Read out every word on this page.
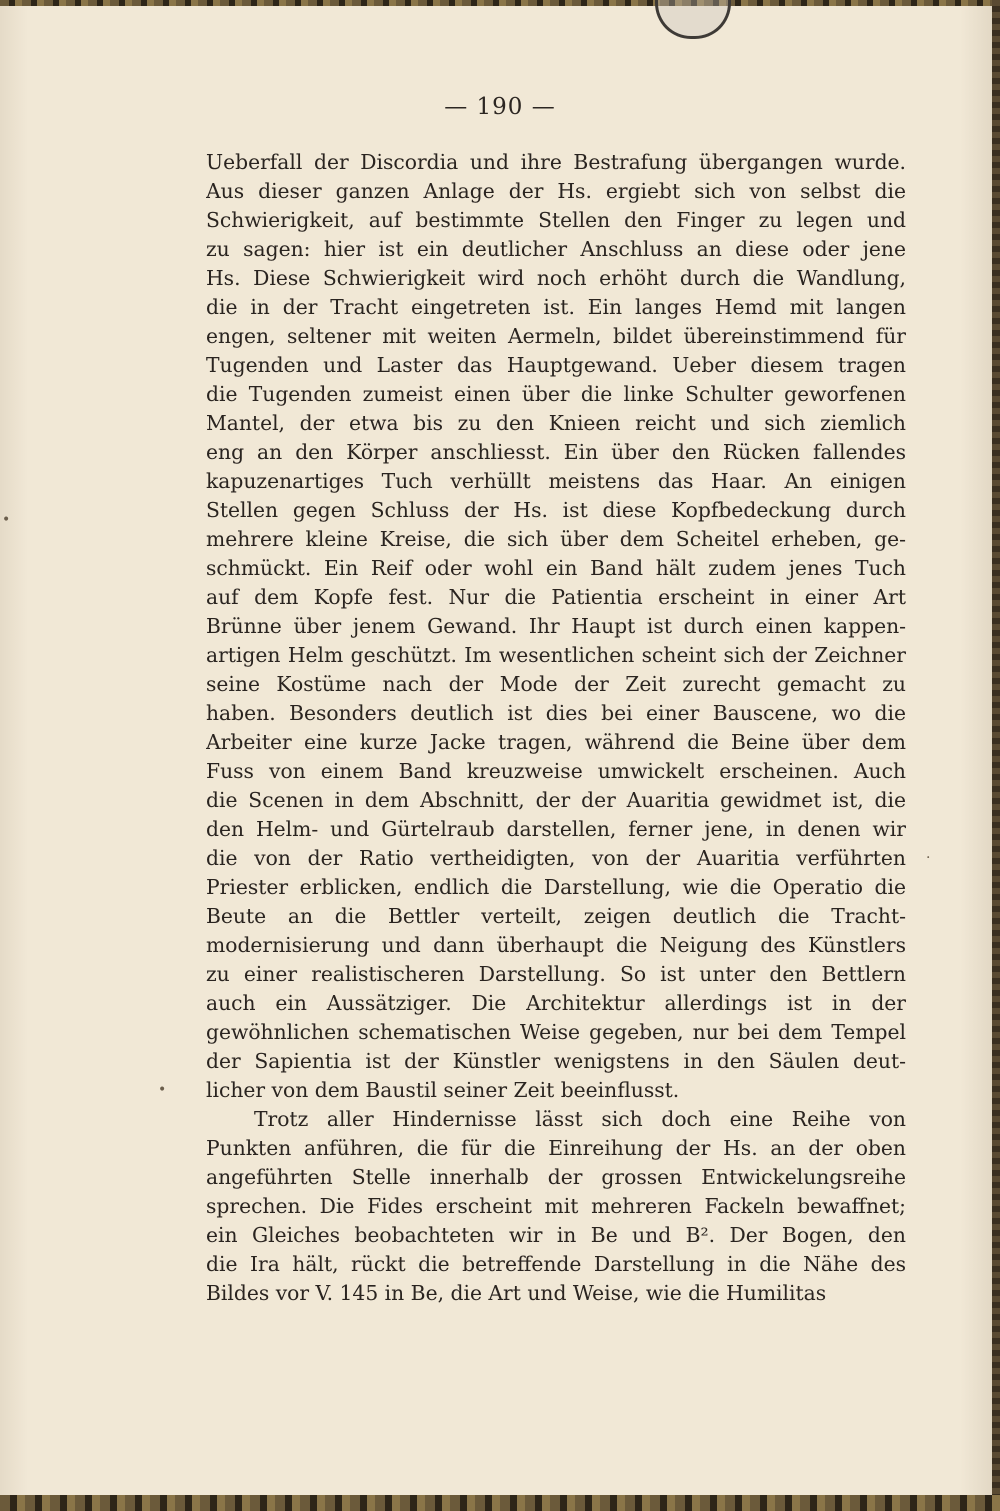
— 190 —
Ueberfall der Discordia und ihre Bestrafung übergangen wurde.
Aus dieser ganzen Anlage der Hs. ergiebt sich von selbst die
Schwierigkeit, auf bestimmte Stellen den Finger zu legen und
zu sagen: hier ist ein deutlicher Anschluss an diese oder jene
Hs. Diese Schwierigkeit wird noch erhöht durch die Wandlung,
die in der Tracht eingetreten ist. Ein langes Hemd mit langen
engen, seltener mit weiten Aermeln, bildet übereinstimmend für
Tugenden und Laster das Hauptgewand. Ueber diesem tragen
die Tugenden zumeist einen über die linke Schulter geworfenen
Mantel, der etwa bis zu den Knieen reicht und sich ziemlich
eng an den Körper anschliesst. Ein über den Rücken fallendes
kapuzenartiges Tuch verhüllt meistens das Haar. An einigen
Stellen gegen Schluss der Hs. ist diese Kopfbedeckung durch
mehrere kleine Kreise, die sich über dem Scheitel erheben, ge-
schmückt. Ein Reif oder wohl ein Band hält zudem jenes Tuch
auf dem Kopfe fest. Nur die Patientia erscheint in einer Art
Brünne über jenem Gewand. Ihr Haupt ist durch einen kappen-
artigen Helm geschützt. Im wesentlichen scheint sich der Zeichner
seine Kostüme nach der Mode der Zeit zurecht gemacht zu
haben. Besonders deutlich ist dies bei einer Bauscene, wo die
Arbeiter eine kurze Jacke tragen, während die Beine über dem
Fuss von einem Band kreuzweise umwickelt erscheinen. Auch
die Scenen in dem Abschnitt, der der Auaritia gewidmet ist, die
den Helm- und Gürtelraub darstellen, ferner jene, in denen wir
die von der Ratio vertheidigten, von der Auaritia verführten
Priester erblicken, endlich die Darstellung, wie die Operatio die
Beute an die Bettler verteilt, zeigen deutlich die Tracht-
modernisierung und dann überhaupt die Neigung des Künstlers
zu einer realistischeren Darstellung. So ist unter den Bettlern
auch ein Aussätziger. Die Architektur allerdings ist in der
gewöhnlichen schematischen Weise gegeben, nur bei dem Tempel
der Sapientia ist der Künstler wenigstens in den Säulen deut-
licher von dem Baustil seiner Zeit beeinflusst.
Trotz aller Hindernisse lässt sich doch eine Reihe von
Punkten anführen, die für die Einreihung der Hs. an der oben
angeführten Stelle innerhalb der grossen Entwickelungsreihe
sprechen. Die Fides erscheint mit mehreren Fackeln bewaffnet;
ein Gleiches beobachteten wir in Be und B². Der Bogen, den
die Ira hält, rückt die betreffende Darstellung in die Nähe des
Bildes vor V. 145 in Be, die Art und Weise, wie die Humilitas
•
·
•
